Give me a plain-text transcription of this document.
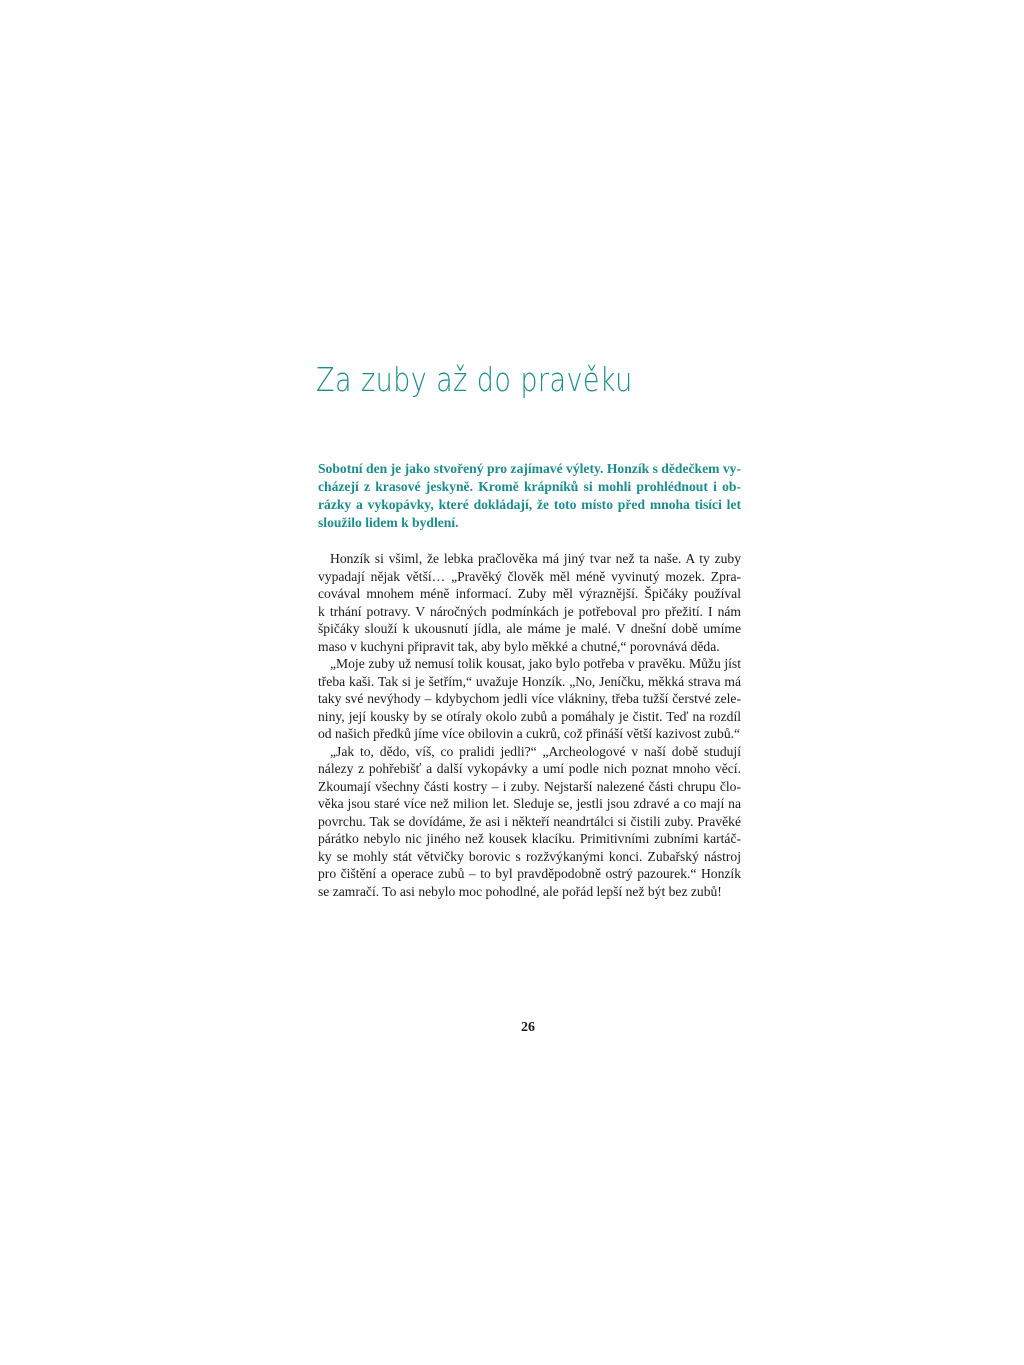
Za zuby až do pravěku
Sobotní den je jako stvořený pro zajímavé výlety. Honzík s dědečkem vy-
cházejí z krasové jeskyně. Kromě krápníků si mohli prohlédnout i ob-
rázky a vykopávky, které dokládají, že toto místo před mnoha tisíci let
sloužilo lidem k bydlení.
Honzík si všiml, že lebka pračlověka má jiný tvar než ta naše. A ty zuby
vypadají nějak větší… „Pravěký člověk měl méně vyvinutý mozek. Zpra-
covával mnohem méně informací. Zuby měl výraznější. Špičáky používal
k trhání potravy. V náročných podmínkách je potřeboval pro přežití. I nám
špičáky slouží k ukousnutí jídla, ale máme je malé. V dnešní době umíme
maso v kuchyni připravit tak, aby bylo měkké a chutné,“ porovnává děda.
„Moje zuby už nemusí tolik kousat, jako bylo potřeba v pravěku. Můžu jíst
třeba kaši. Tak si je šetřím,“ uvažuje Honzík. „No, Jeníčku, měkká strava má
taky své nevýhody – kdybychom jedli více vlákniny, třeba tužší čerstvé zele-
niny, její kousky by se otíraly okolo zubů a pomáhaly je čistit. Teď na rozdíl
od našich předků jíme více obilovin a cukrů, což přináší větší kazivost zubů.“
„Jak to, dědo, víš, co pralidi jedli?“ „Archeologové v naší době studují
nálezy z pohřebišť a další vykopávky a umí podle nich poznat mnoho věcí.
Zkoumají všechny části kostry – i zuby. Nejstarší nalezené části chrupu člo-
věka jsou staré více než milion let. Sleduje se, jestli jsou zdravé a co mají na
povrchu. Tak se dovídáme, že asi i někteří neandrtálci si čistili zuby. Pravěké
párátko nebylo nic jiného než kousek klacíku. Primitivními zubními kartáč-
ky se mohly stát větvičky borovic s rozžvýkanými konci. Zubařský nástroj
pro čištění a operace zubů – to byl pravděpodobně ostrý pazourek.“ Honzík
se zamračí. To asi nebylo moc pohodlné, ale pořád lepší než být bez zubů!
26
